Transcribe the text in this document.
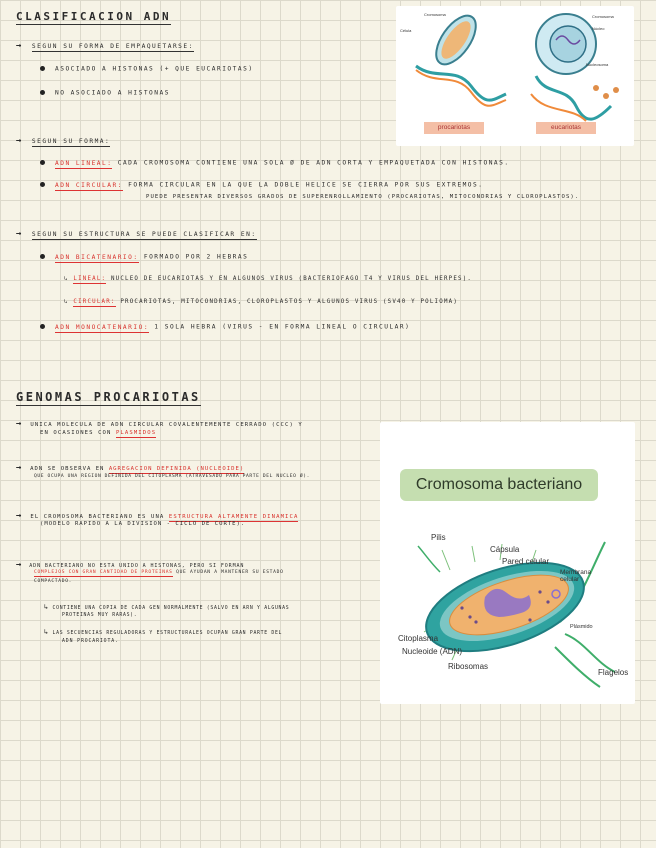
CLASIFICACION ADN
→ SEGUN SU FORMA DE EMPAQUETARSE:
ASOCIADO A HISTONAS (+ QUE EUCARIOTAS)
NO ASOCIADO A HISTONAS
→ SEGUN SU FORMA:
ADN LINEAL: CADA CROMOSOMA CONTIENE UNA SOLA Ø DE ADN CORTA Y EMPAQUETADA CON HISTONAS.
ADN CIRCULAR: FORMA CIRCULAR EN LA QUE LA DOBLE HELICE SE CIERRA POR SUS EXTREMOS.
PUEDE PRESENTAR DIVERSOS GRADOS DE SUPERENROLLAMIENTO (PROCARIOTAS, MITOCONDRIAS Y CLOROPLASTOS).
→ SEGUN SU ESTRUCTURA SE PUEDE CLASIFICAR EN:
ADN BICATENARIO: FORMADO POR 2 HEBRAS
↳ LINEAL: NUCLEO DE EUCARIOTAS Y EN ALGUNOS VIRUS (BACTERIOFAGO T4 Y VIRUS DEL HERPES).
↳ CIRCULAR: PROCARIOTAS, MITOCONDRIAS, CLOROPLASTOS Y ALGUNOS VIRUS (SV40 Y POLIOMA)
ADN MONOCATENARIO: 1 SOLA HEBRA (VIRUS - EN FORMA LINEAL O CIRCULAR)
Cromosoma
Célula
Cromosoma
Núcleo
Nucleosoma
procariotas	eucariotas
GENOMAS PROCARIOTAS
→ UNICA MOLECULA DE ADN CIRCULAR COVALENTEMENTE CERRADO (CCC) Y
EN OCASIONES CON PLASMIDOS
→ ADN SE OBSERVA EN AGREGACION DEFINIDA (NUCLEOIDE)
QUE OCUPA UNA REGION DEFINIDA DEL CITOPLASMA (ATRAVESADO PARA PARTE DEL NUCLEO Ø).
→ EL CROMOSOMA BACTERIANO ES UNA ESTRUCTURA ALTAMENTE DINAMICA
(MODELO RAPIDO A LA DIVISION - CICLO DE CORTE).
→ ADN BACTERIANO NO ESTA UNIDO A HISTONAS, PERO SI FORMAN
COMPLEJOS CON GRAN CANTIDAD DE PROTEINAS QUE AYUDAN A MANTENER SU ESTADO
COMPACTADO.
↳ CONTIENE UNA COPIA DE CADA GEN NORMALMENTE (SALVO EN ARN Y ALGUNAS
PROTEINAS MUY RARAS).
↳ LAS SECUENCIAS REGULADORAS Y ESTRUCTURALES OCUPAN GRAN PARTE DEL
ADN PROCARIOTA.
Cromosoma bacteriano
Pilis
Cápsula
Pared celular
Membrana celular
Citoplasma
Nucleoide (ADN)
Ribosomas
Plásmido
Flagelos
